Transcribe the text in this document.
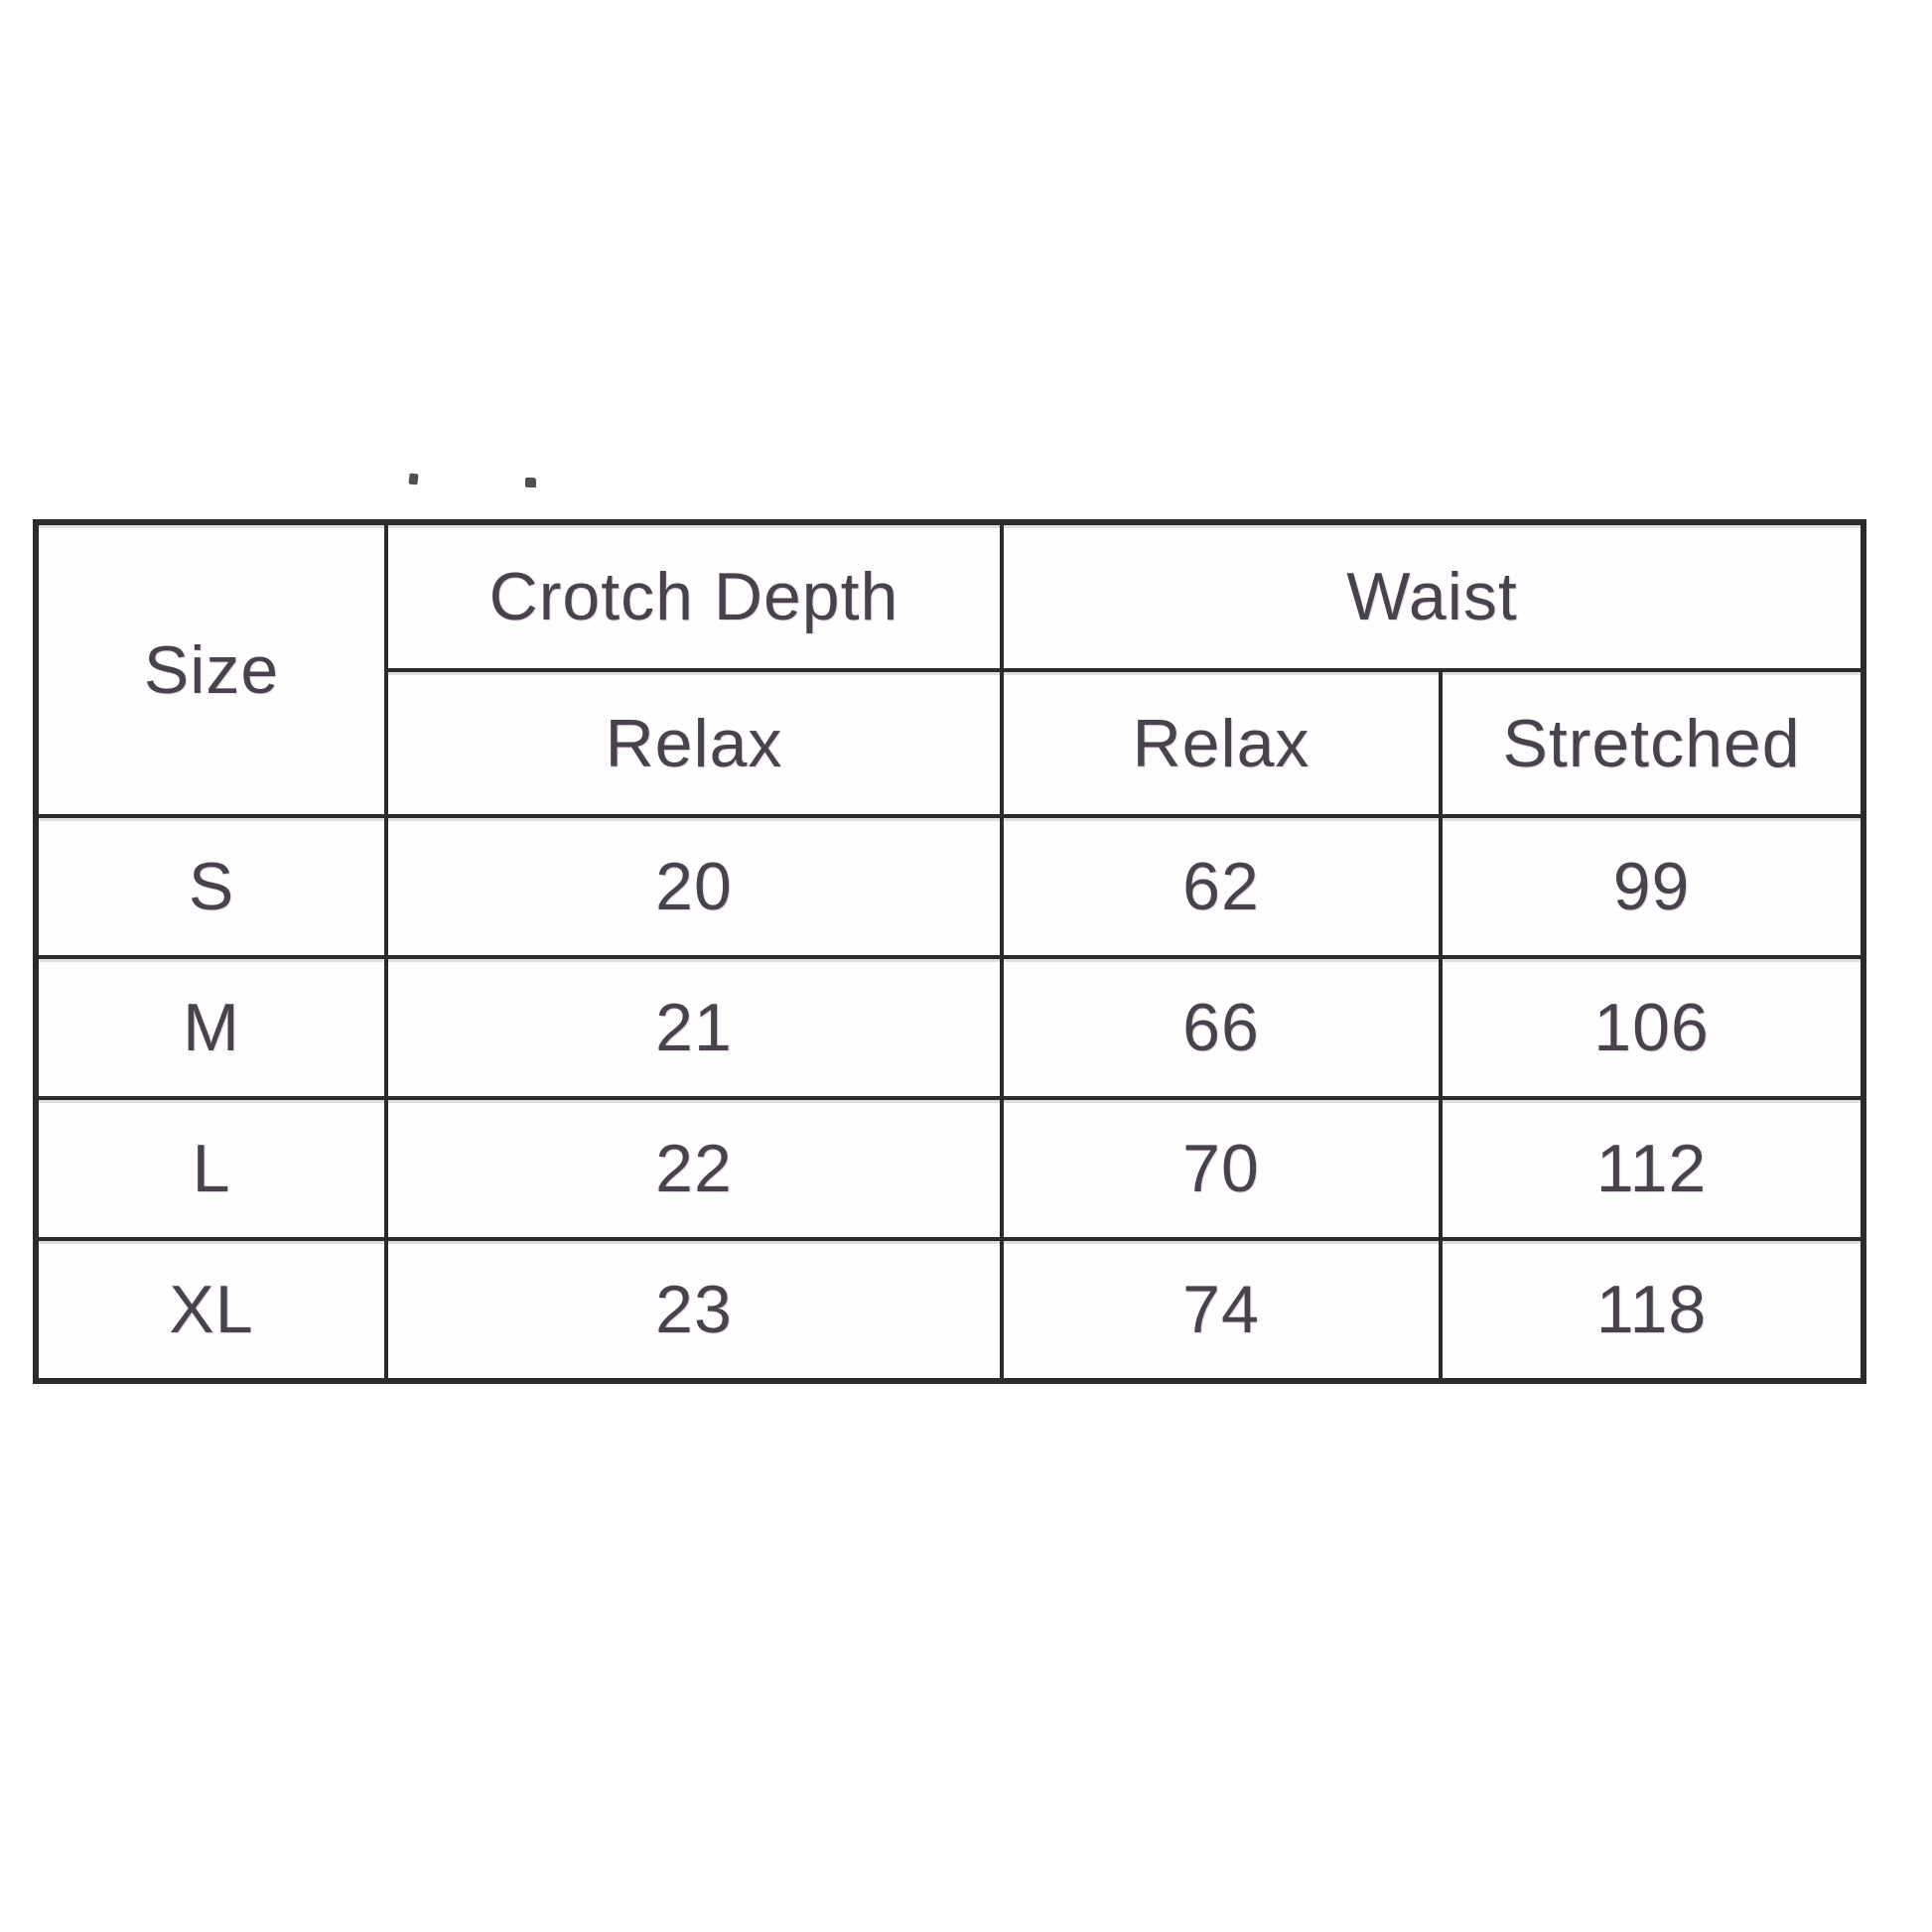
Size	Crotch Depth	Waist	
	Relax	Relax	Stretched
S	20	62	99
M	21	66	106
L	22	70	112
XL	23	74	118
